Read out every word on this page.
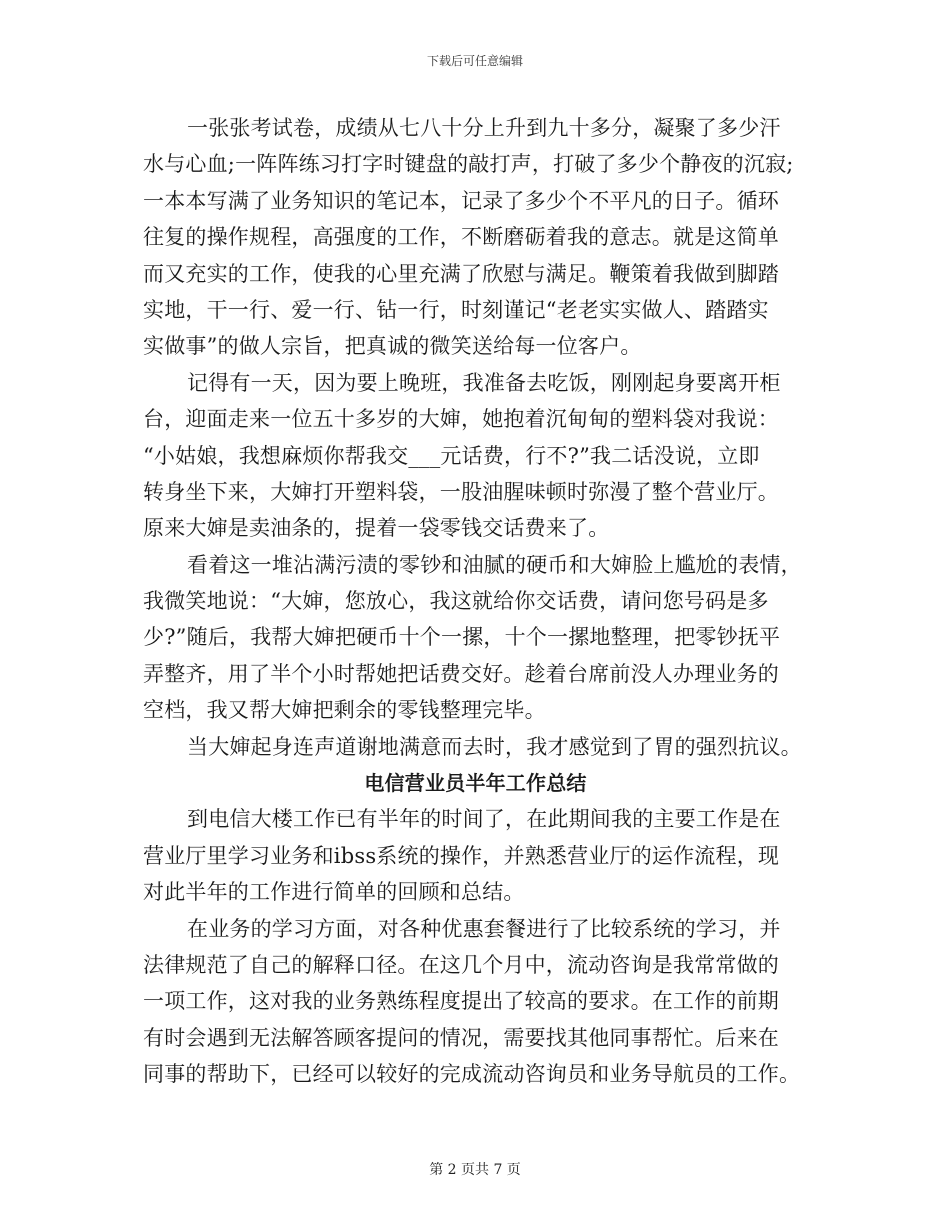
下载后可任意编辑
一张张考试卷，成绩从七八十分上升到九十多分，凝聚了多少汗
水与心血;一阵阵练习打字时键盘的敲打声，打破了多少个静夜的沉寂;
一本本写满了业务知识的笔记本，记录了多少个不平凡的日子。循环
往复的操作规程，高强度的工作，不断磨砺着我的意志。就是这简单
而又充实的工作，使我的心里充满了欣慰与满足。鞭策着我做到脚踏
实地，干一行、爱一行、钻一行，时刻谨记“老老实实做人、踏踏实
实做事”的做人宗旨，把真诚的微笑送给每一位客户。
记得有一天，因为要上晚班，我准备去吃饭，刚刚起身要离开柜
台，迎面走来一位五十多岁的大婶，她抱着沉甸甸的塑料袋对我说：
“小姑娘，我想麻烦你帮我交___元话费，行不?”我二话没说，立即
转身坐下来，大婶打开塑料袋，一股油腥味顿时弥漫了整个营业厅。
原来大婶是卖油条的，提着一袋零钱交话费来了。
看着这一堆沾满污渍的零钞和油腻的硬币和大婶脸上尴尬的表情，
我微笑地说：“大婶，您放心，我这就给你交话费，请问您号码是多
少?”随后，我帮大婶把硬币十个一摞，十个一摞地整理，把零钞抚平
弄整齐，用了半个小时帮她把话费交好。趁着台席前没人办理业务的
空档，我又帮大婶把剩余的零钱整理完毕。
当大婶起身连声道谢地满意而去时，我才感觉到了胃的强烈抗议。
电信营业员半年工作总结
到电信大楼工作已有半年的时间了，在此期间我的主要工作是在
营业厅里学习业务和ibss系统的操作，并熟悉营业厅的运作流程，现
对此半年的工作进行简单的回顾和总结。
在业务的学习方面，对各种优惠套餐进行了比较系统的学习，并
法律规范了自己的解释口径。在这几个月中，流动咨询是我常常做的
一项工作，这对我的业务熟练程度提出了较高的要求。在工作的前期
有时会遇到无法解答顾客提问的情况，需要找其他同事帮忙。后来在
同事的帮助下，已经可以较好的完成流动咨询员和业务导航员的工作。
第 2 页共 7 页
